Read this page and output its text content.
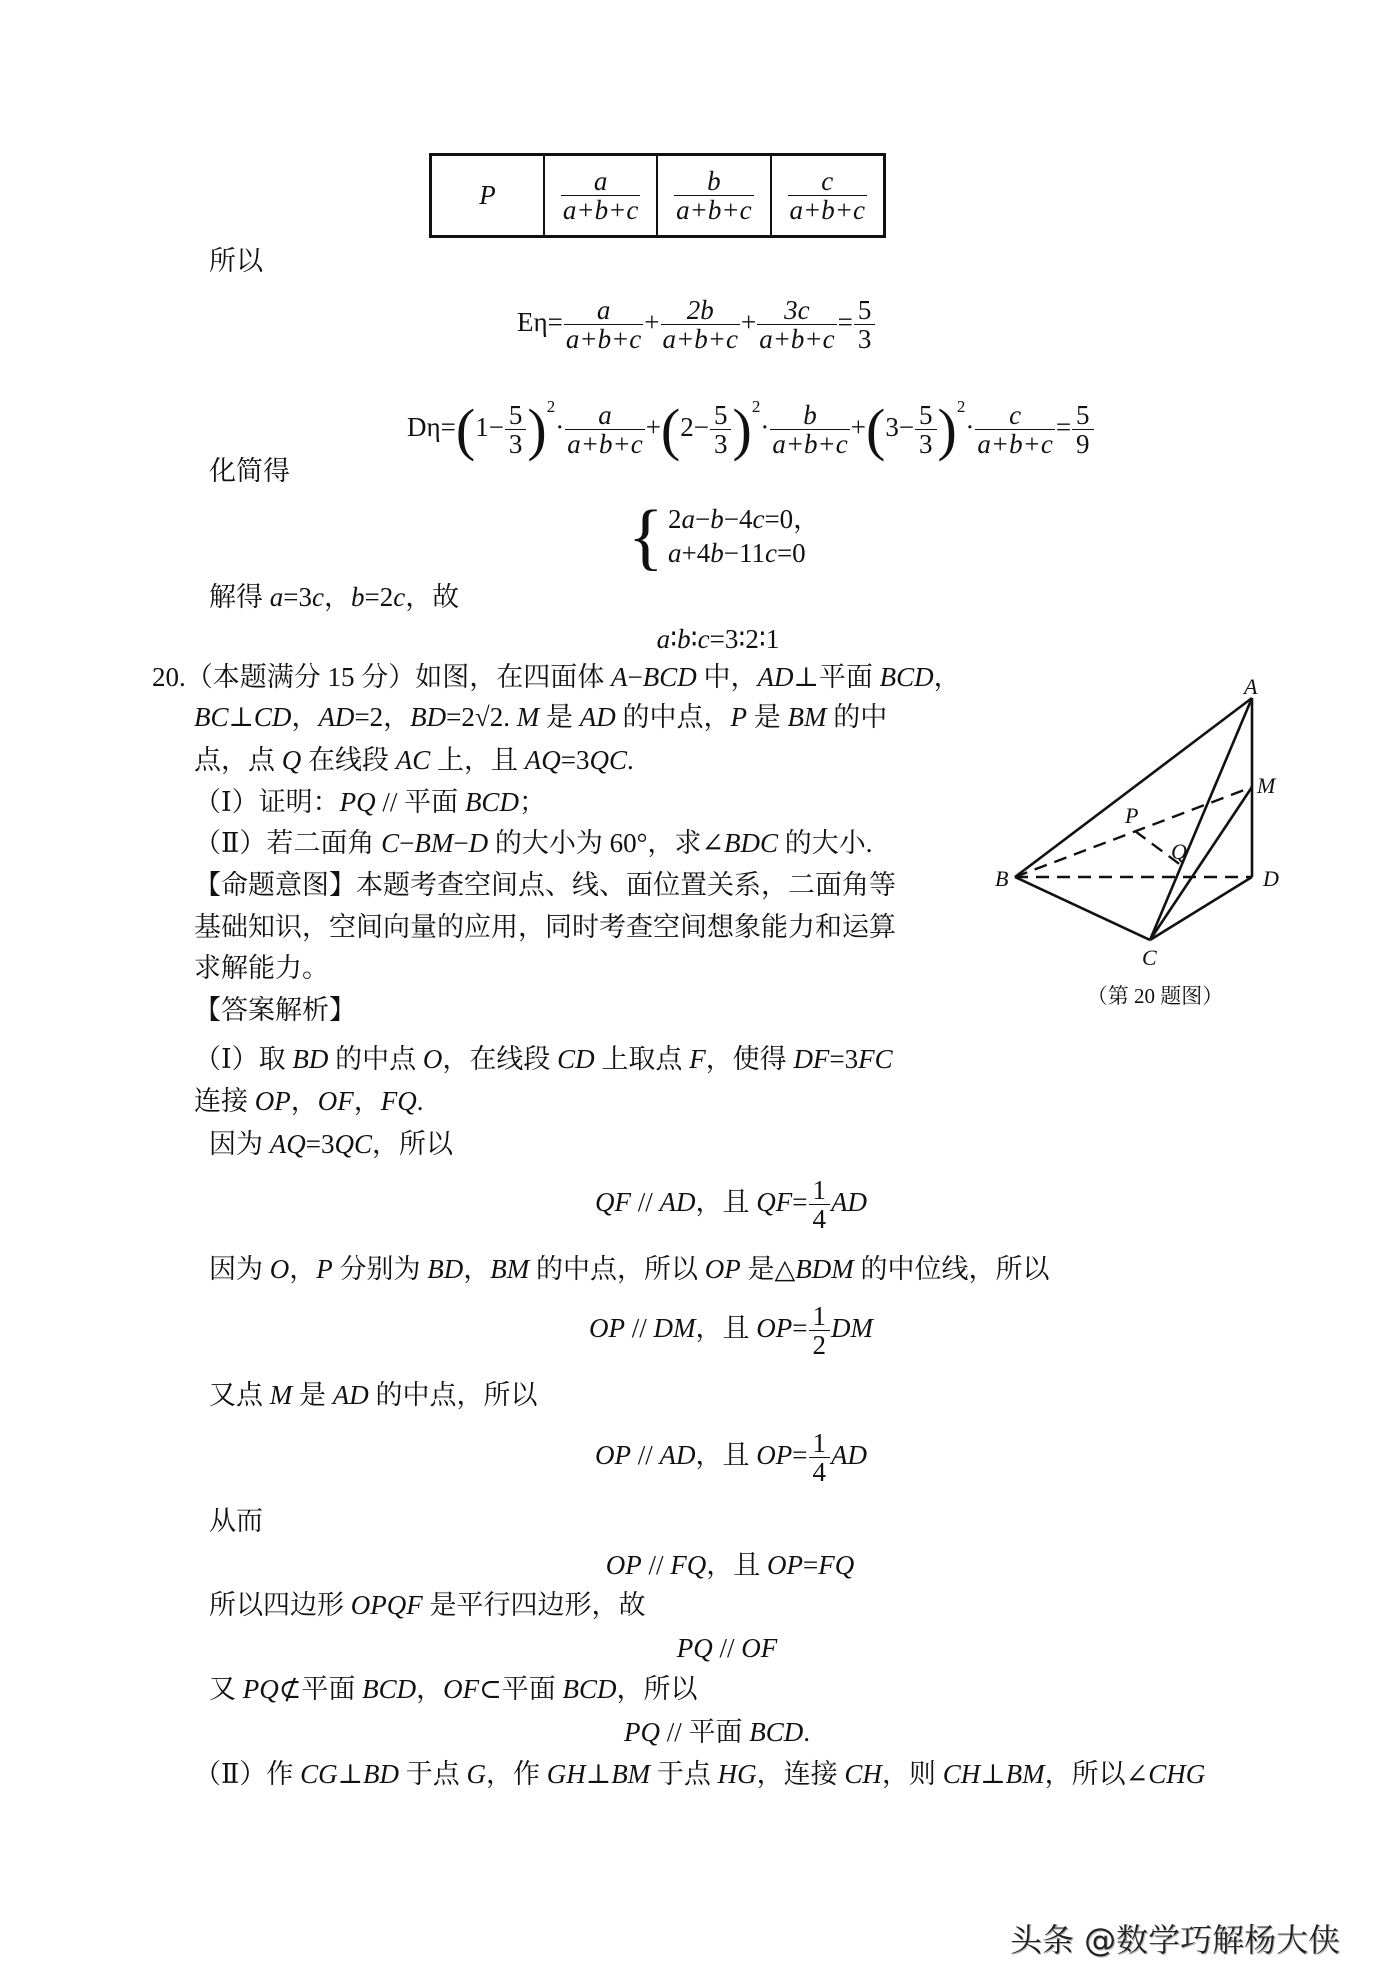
P	$\frac{a}{a+b+c}$	$\frac{b}{a+b+c}$	$\frac{c}{a+b+c}$
所以
$E\eta= \frac{a}{a+b+c} + \frac{2b}{a+b+c} + \frac{3c}{a+b+c} = \frac{5}{3}$
$D\eta=(1- \frac{5}{3} )^2\cdot \frac{a}{a+b+c} +(2- \frac{5}{3} )^2\cdot \frac{b}{a+b+c} +(3- \frac{5}{3} )^2\cdot \frac{c}{a+b+c} = \frac{5}{9}$
化简得
{ 2a−b−4c=0，
a+4b−11c=0
解得 a=3c，b=2c，故
a∶b∶c=3∶2∶1
20.（本题满分 15 分）如图，在四面体 A−BCD 中，AD⊥平面 BCD，
BC⊥CD，AD=2，BD=2√2. M 是 AD 的中点，P 是 BM 的中
点，点 Q 在线段 AC 上，且 AQ=3QC.
（Ⅰ）证明：PQ // 平面 BCD；
（Ⅱ）若二面角 C−BM−D 的大小为 60°，求∠BDC 的大小.
【命题意图】本题考查空间点、线、面位置关系，二面角等
基础知识，空间向量的应用，同时考查空间想象能力和运算
求解能力。
【答案解析】
A
B
C
D
M
P
Q
（第 20 题图）
（Ⅰ）取 BD 的中点 O，在线段 CD 上取点 F，使得 DF=3FC
连接 OP，OF，FQ.
因为 AQ=3QC，所以
QF // AD，且 $QF= \frac{1}{4}$ AD
因为 O，P 分别为 BD，BM 的中点，所以 OP 是△BDM 的中位线，所以
OP // DM，且 $OP= \frac{1}{2}$ DM
又点 M 是 AD 的中点，所以
OP // AD，且 $OP= \frac{1}{4}$ AD
从而
OP // FQ，且 OP=FQ
所以四边形 OPQF 是平行四边形，故
PQ // OF
又 PQ⊄平面 BCD，OF⊂平面 BCD，所以
PQ // 平面 BCD.
（Ⅱ）作 CG⊥BD 于点 G，作 GH⊥BM 于点 HG，连接 CH，则 CH⊥BM，所以∠CHG
头条 @数学巧解杨大侠
